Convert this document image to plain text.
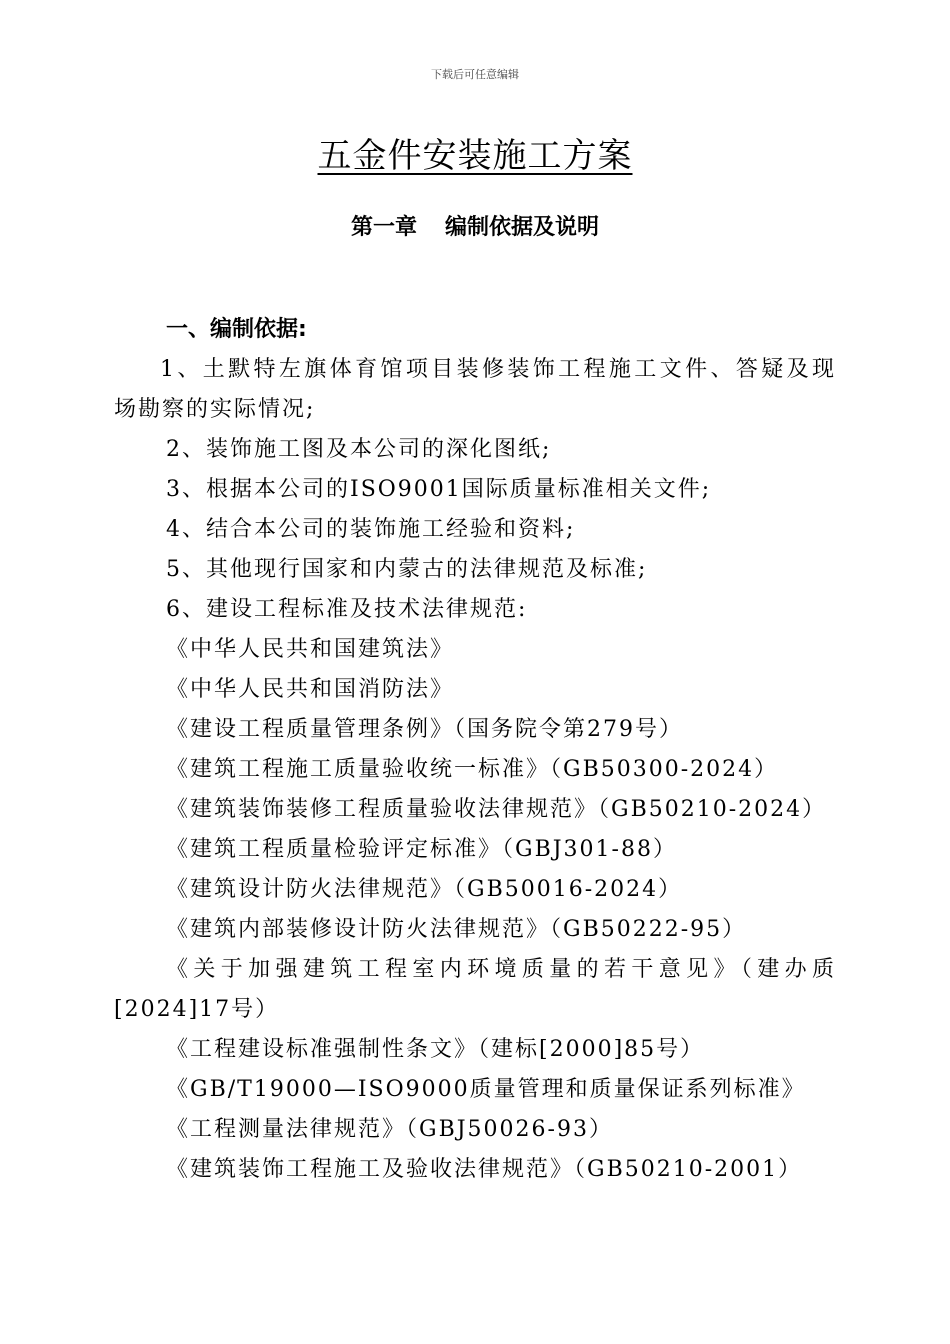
下载后可任意编辑
五金件安装施工方案
第一章 编制依据及说明
一、编制依据:
1、土默特左旗体育馆项目装修装饰工程施工文件、答疑及现
场勘察的实际情况;
2、装饰施工图及本公司的深化图纸;
3、根据本公司的ISO9001国际质量标准相关文件;
4、结合本公司的装饰施工经验和资料;
5、其他现行国家和内蒙古的法律规范及标准;
6、建设工程标准及技术法律规范:
《中华人民共和国建筑法》
《中华人民共和国消防法》
《建设工程质量管理条例》（国务院令第279号）
《建筑工程施工质量验收统一标准》（GB50300-2024）
《建筑装饰装修工程质量验收法律规范》（GB50210-2024）
《建筑工程质量检验评定标准》（GBJ301-88）
《建筑设计防火法律规范》（GB50016-2024）
《建筑内部装修设计防火法律规范》（GB50222-95）
《关于加强建筑工程室内环境质量的若干意见》（建办质
[2024]17号）
《工程建设标准强制性条文》（建标[2000]85号）
《GB/T19000—ISO9000质量管理和质量保证系列标准》
《工程测量法律规范》（GBJ50026-93）
《建筑装饰工程施工及验收法律规范》（GB50210-2001）
